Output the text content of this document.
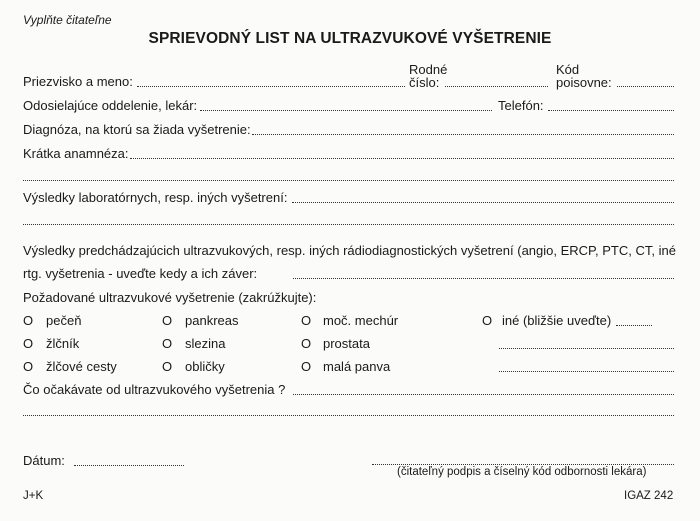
Vyplňte čitateľne
SPRIEVODNÝ LIST NA ULTRAZVUKOVÉ VYŠETRENIE
Priezvisko a meno:
Rodné
číslo:
Kód
poisovne:
Odosielajúce oddelenie, lekár:	Telefón:
Diagnóza, na ktorú sa žiada vyšetrenie:
Krátka anamnéza:
Výsledky laboratórnych, resp. iných vyšetrení:
Výsledky predchádzajúcich ultrazvukových, resp. iných rádiodiagnostických vyšetrení (angio, ERCP, PTC, CT, iné
rtg. vyšetrenia - uveďte kedy a ich záver:
Požadované ultrazvukové vyšetrenie (zakrúžkujte):
O pečeň
O žlčník
O žlčové cesty
O pankreas
O slezina
O obličky
O moč. mechúr
O prostata
O malá panva
O iné (bližšie uveďte)
Čo očakávate od ultrazvukového vyšetrenia ?
Dátum:
(čitateľný podpis a číselný kód odbornosti lekára)
J+K	IGAZ 242
